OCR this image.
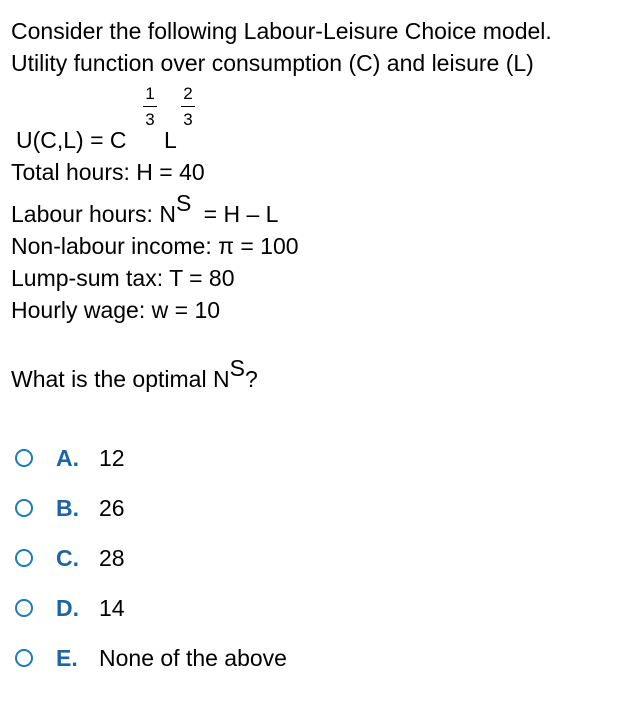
Consider the following Labour-Leisure Choice model.
Utility function over consumption (C) and leisure (L)
1
3
2
3
U(C,L) = C L
Total hours: H = 40
Labour hours: NS = H – L
Non-labour income: π = 100
Lump-sum tax: T = 80
Hourly wage: w = 10
What is the optimal NS?
A. 12
B. 26
C. 28
D. 14
E. None of the above
